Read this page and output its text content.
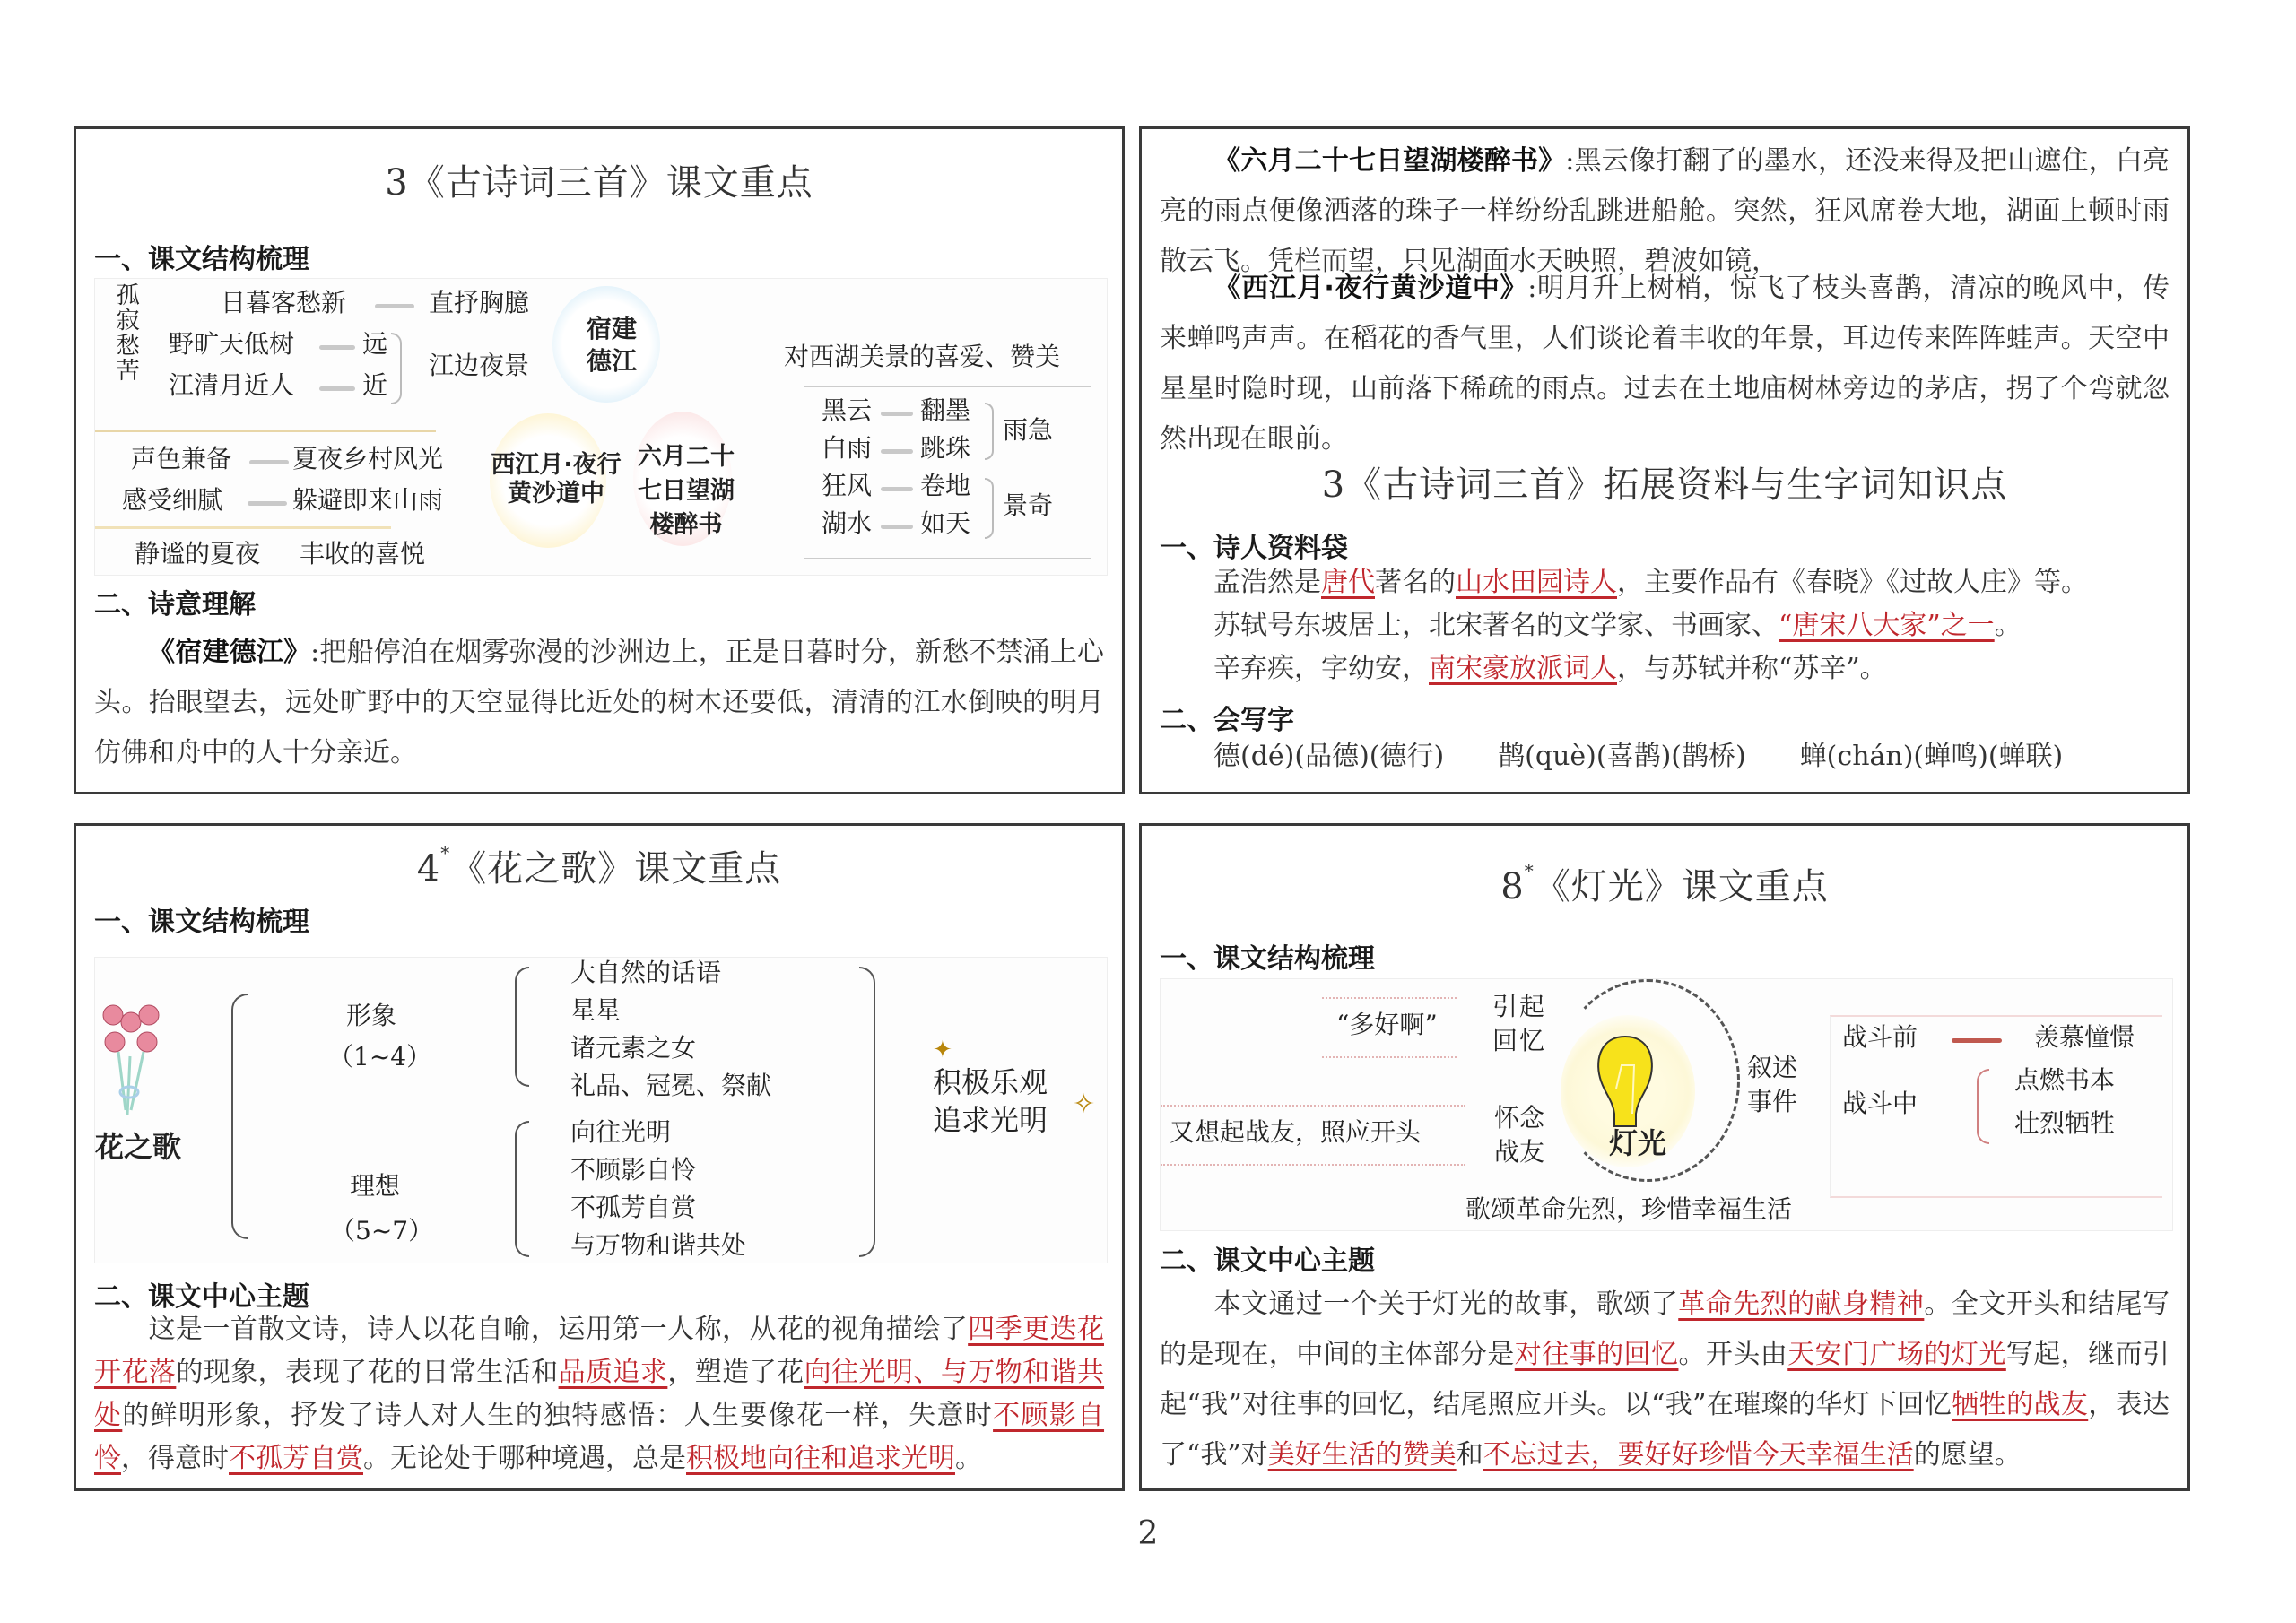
3《古诗词三首》课文重点
一、课文结构梳理
孤寂愁苦	日暮客愁新	直抒胸臆
野旷天低树	远
江清月近人	近
江边夜景
声色兼备 夏夜乡村风光
感受细腻	躲避即来山雨
静谧的夏夜 丰收的喜悦
宿建德江
西江月·夜行黄沙道中
六月二十七日望湖楼醉书
对西湖美景的喜爱、赞美
黑云 翻墨
白雨 跳珠
狂风 卷地
湖水 如天
雨急
景奇
二、诗意理解
《宿建德江》:把船停泊在烟雾弥漫的沙洲边上，正是日暮时分，新愁不禁涌上心头。抬眼望去，远处旷野中的天空显得比近处的树木还要低，清清的江水倒映的明月仿佛和舟中的人十分亲近。
《六月二十七日望湖楼醉书》:黑云像打翻了的墨水，还没来得及把山遮住，白亮亮的雨点便像洒落的珠子一样纷纷乱跳进船舱。突然，狂风席卷大地，湖面上顿时雨散云飞。凭栏而望，只见湖面水天映照，碧波如镜，
《西江月·夜行黄沙道中》:明月升上树梢，惊飞了枝头喜鹊，清凉的晚风中，传来蝉鸣声声。在稻花的香气里，人们谈论着丰收的年景，耳边传来阵阵蛙声。天空中星星时隐时现，山前落下稀疏的雨点。过去在土地庙树林旁边的茅店，拐了个弯就忽然出现在眼前。
3《古诗词三首》拓展资料与生字词知识点
一、诗人资料袋
孟浩然是唐代著名的山水田园诗人，主要作品有《春晓》《过故人庄》等。
苏轼号东坡居士，北宋著名的文学家、书画家、“唐宋八大家”之一。
辛弃疾，字幼安，南宋豪放派词人，与苏轼并称“苏辛”。
二、会写字
德(dé)(品德)(德行)　　鹊(què)(喜鹊)(鹊桥)　　蝉(chán)(蝉鸣)(蝉联)
4*《花之歌》课文重点
一、课文结构梳理
花之歌
形象
（1~4）
理想
（5~7）
大自然的话语
星星
诸元素之女
礼品、冠冕、祭献
向往光明
不顾影自怜
不孤芳自赏
与万物和谐共处
✦
积极乐观
追求光明 ✧
二、课文中心主题
这是一首散文诗，诗人以花自喻，运用第一人称，从花的视角描绘了四季更迭花开花落的现象，表现了花的日常生活和品质追求，塑造了花向往光明、与万物和谐共处的鲜明形象，抒发了诗人对人生的独特感悟：人生要像花一样，失意时不顾影自怜，得意时不孤芳自赏。无论处于哪种境遇，总是积极地向往和追求光明。
8*《灯光》课文重点
一、课文结构梳理
“多好啊”
引起回忆
又想起战友，照应开头	怀念战友 灯光
叙述事件
战斗前	羡慕憧憬
战斗中
点燃书本
壮烈牺牲
歌颂革命先烈，珍惜幸福生活
二、课文中心主题
本文通过一个关于灯光的故事，歌颂了革命先烈的献身精神。全文开头和结尾写的是现在，中间的主体部分是对往事的回忆。开头由天安门广场的灯光写起，继而引起“我”对往事的回忆，结尾照应开头。以“我”在璀璨的华灯下回忆牺牲的战友，表达了“我”对美好生活的赞美和不忘过去，要好好珍惜今天幸福生活的愿望。
2
